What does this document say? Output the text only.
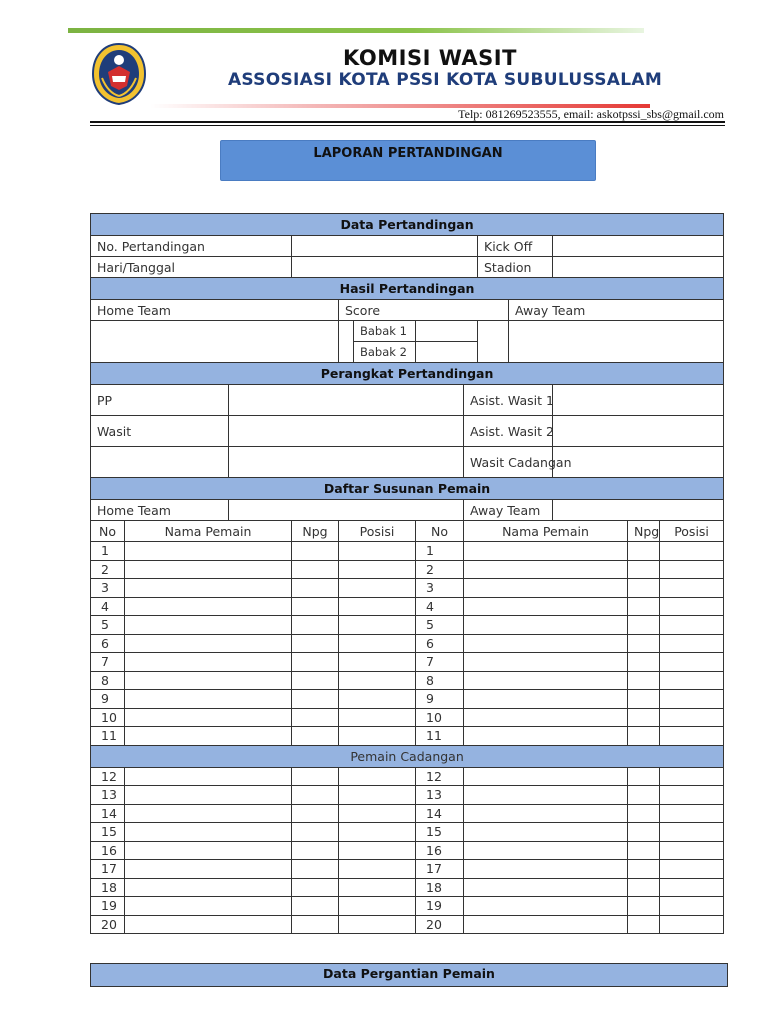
KOMISI WASIT
ASSOSIASI KOTA PSSI KOTA SUBULUSSALAM
Telp: 081269523555, email: askotpssi_sbs@gmail.com
LAPORAN PERTANDINGAN
Data Pertandingan												
No. Pertandingan								Kick Off				
Hari/Tanggal								Stadion				
Hasil Pertandingan												
Home Team				Score					Away Team			
					Babak 1							
					Babak 2							
Perangkat Pertandingan												
PP							Asist. Wasit 1					
Wasit							Asist. Wasit 2					
							Wasit Cadangan					
Daftar Susunan Pemain												
Home Team							Away Team					
No	Nama Pemain		Npg	Posisi		No	Nama Pemain				Npg	Posisi
1						1						
2						2						
3						3						
4						4						
5						5						
6						6						
7						7						
8						8						
9						9						
10						10						
11						11						
Pemain Cadangan												
12						12						
13						13						
14						14						
15						15						
16						16						
17						17						
18						18						
19						19						
20						20						
Data Pergantian Pemain
